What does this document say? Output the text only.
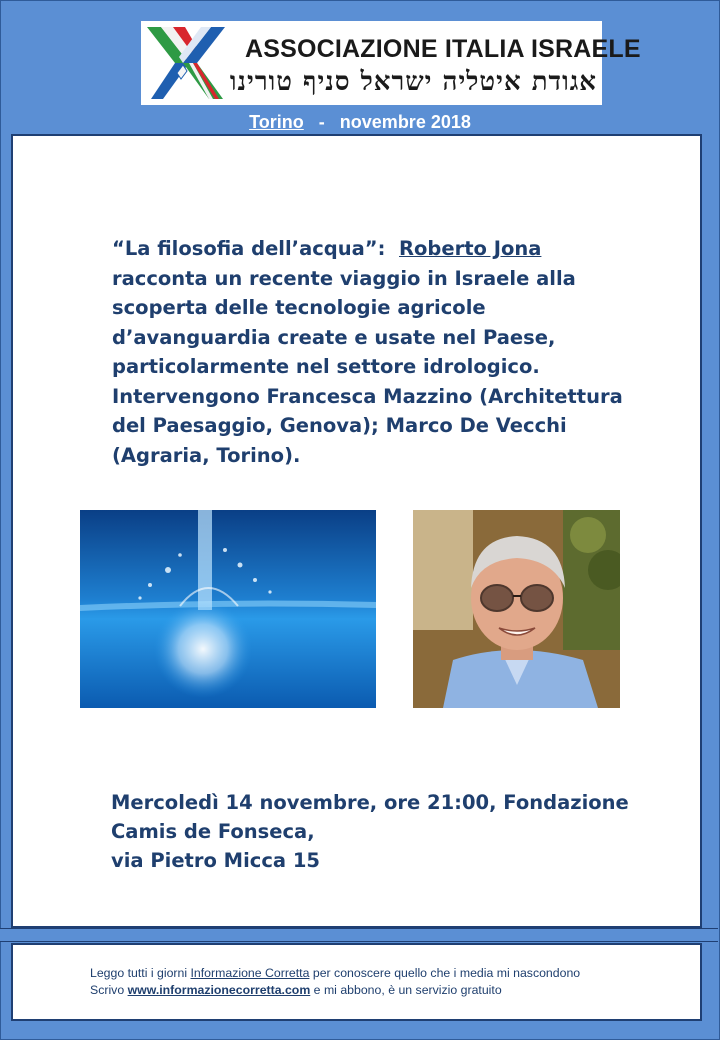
ASSOCIAZIONE ITALIA ISRAELE
אגודת איטליה ישראל סניף טורינו
Torino - novembre 2018
“La filosofia dell’acqua”: Roberto Jona racconta un recente viaggio in Israele alla scoperta delle tecnologie agricole d’avanguardia create e usate nel Paese, particolarmente nel settore idrologico. Intervengono Francesca Mazzino (Architettura del Paesaggio, Genova); Marco De Vecchi (Agraria, Torino).
Mercoledì 14 novembre, ore 21:00, Fondazione
Camis de Fonseca,
via Pietro Micca 15
Leggo tutti i giorni Informazione Corretta per conoscere quello che i media mi nascondono
Scrivo www.informazionecorretta.com e mi abbono, è un servizio gratuito
